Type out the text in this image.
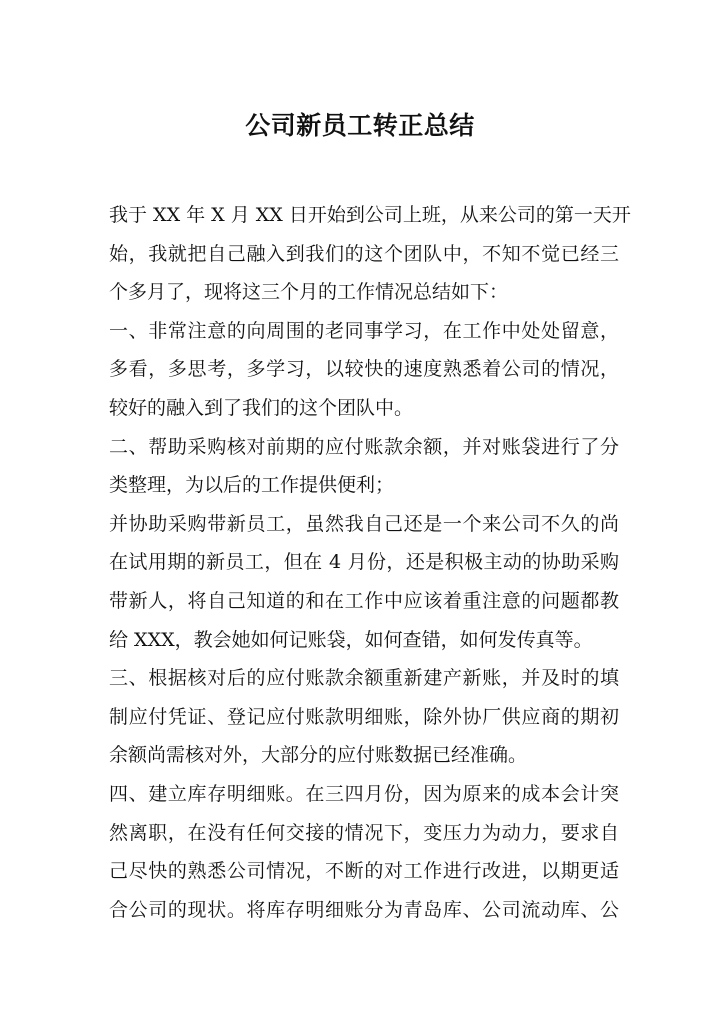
公司新员工转正总结
我于 XX 年 X 月 XX 日开始到公司上班，从来公司的第一天开
始，我就把自己融入到我们的这个团队中，不知不觉已经三
个多月了，现将这三个月的工作情况总结如下：
一、非常注意的向周围的老同事学习，在工作中处处留意，
多看，多思考，多学习，以较快的速度熟悉着公司的情况，
较好的融入到了我们的这个团队中。
二、帮助采购核对前期的应付账款余额，并对账袋进行了分
类整理，为以后的工作提供便利；
并协助采购带新员工，虽然我自己还是一个来公司不久的尚
在试用期的新员工，但在 4 月份，还是积极主动的协助采购
带新人，将自己知道的和在工作中应该着重注意的问题都教
给 XXX，教会她如何记账袋，如何查错，如何发传真等。
三、根据核对后的应付账款余额重新建产新账，并及时的填
制应付凭证、登记应付账款明细账，除外协厂供应商的期初
余额尚需核对外，大部分的应付账数据已经准确。
四、建立库存明细账。在三四月份，因为原来的成本会计突
然离职，在没有任何交接的情况下，变压力为动力，要求自
己尽快的熟悉公司情况，不断的对工作进行改进，以期更适
合公司的现状。将库存明细账分为青岛库、公司流动库、公
